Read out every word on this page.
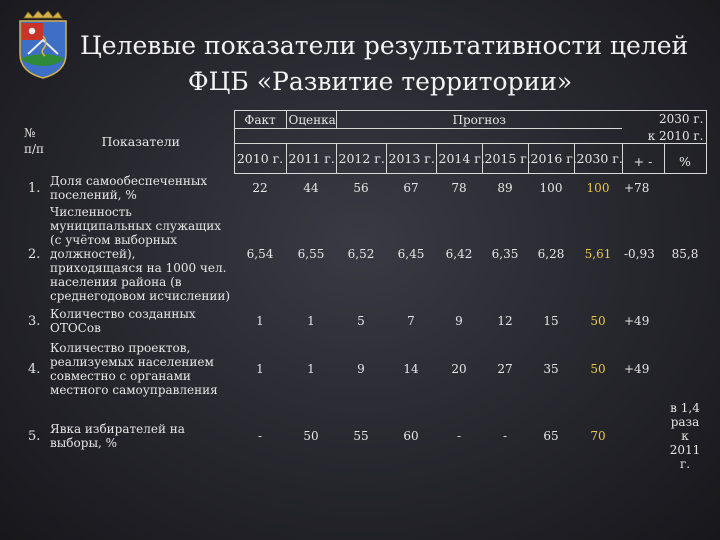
Целевые показатели результативности целей
ФЦБ «Развитие территории»
№ п/п	Показатели	Факт	Оценка	Прогноз						2030 г.	

										к 2010 г.	
		2010 г.	2011 г.	2012 г.	2013 г.	2014 г.	2015 г.	2016 г.	2030 г.	+ -	%
1.	Доля самообеспеченных поселений, %	22	44	56	67	78	89	100	100	+78	
2.	Численность муниципальных служащих (с учётом выборных должностей), приходящаяся на 1000 чел. населения района (в среднегодовом исчислении)	6,54	6,55	6,52	6,45	6,42	6,35	6,28	5,61	-0,93	85,8
3.	Количество созданных ОТОСов	1	1	5	7	9	12	15	50	+49	
4.	Количество проектов, реализуемых населением совместно с органами местного самоуправления	1	1	9	14	20	27	35	50	+49	
5.	Явка избирателей на выборы, %	-	50	55	60	-	-	65	70		в 1,4 раза к 2011 г.
